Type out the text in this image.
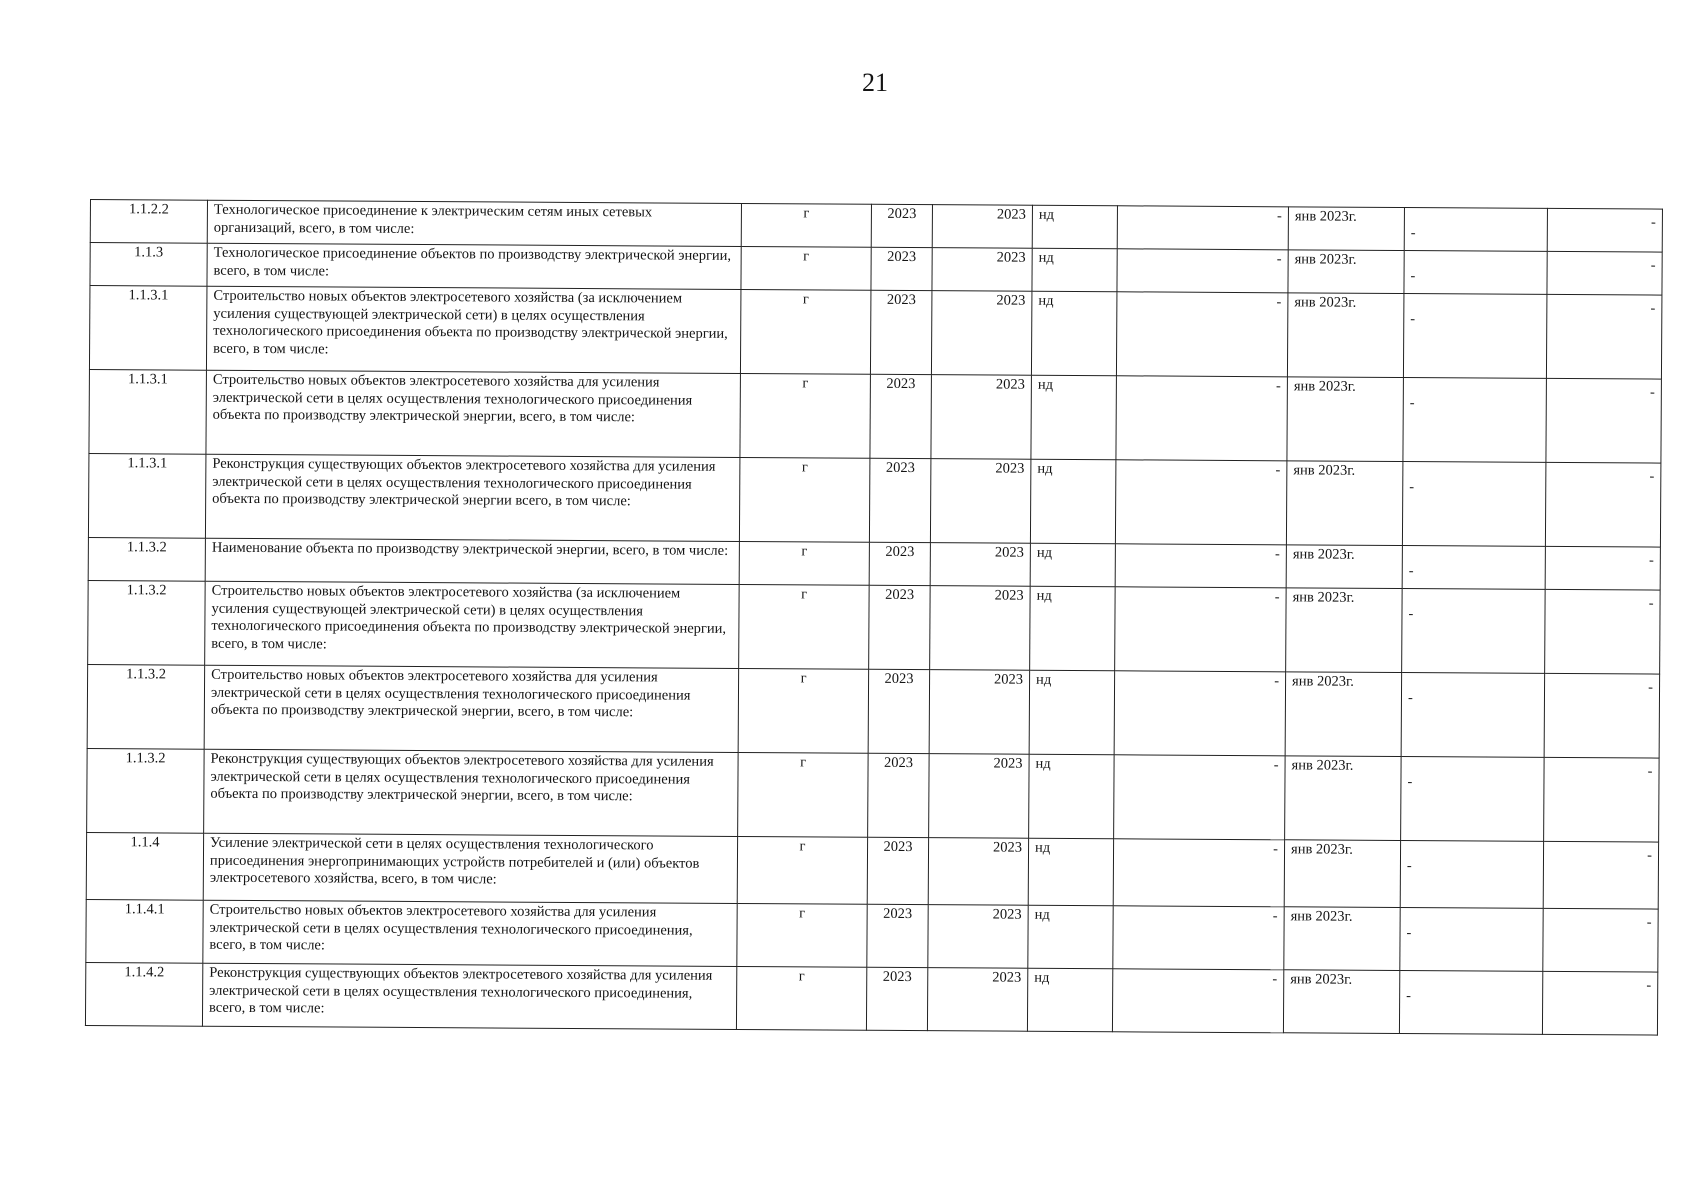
21
1.1.2.2	Технологическое присоединение к электрическим сетям иных сетевых организаций, всего, в том числе:	г	2023	2023	нд	-	янв 2023г.	-	-
1.1.3	Технологическое присоединение объектов по производству электрической энергии, всего, в том числе:	г	2023	2023	нд	-	янв 2023г.	-	-
1.1.3.1	Строительство новых объектов электросетевого хозяйства (за исключением усиления существующей электрической сети) в целях осуществления технологического присоединения объекта по производству электрической энергии, всего, в том числе:	г	2023	2023	нд	-	янв 2023г.	-	-
1.1.3.1	Строительство новых объектов электросетевого хозяйства для усиления электрической сети в целях осуществления технологического присоединения объекта по производству электрической энергии, всего, в том числе:	г	2023	2023	нд	-	янв 2023г.	-	-
1.1.3.1	Реконструкция существующих объектов электросетевого хозяйства для усиления электрической сети в целях осуществления технологического присоединения объекта по производству электрической энергии всего, в том числе:	г	2023	2023	нд	-	янв 2023г.	-	-
1.1.3.2	Наименование объекта по производству электрической энергии, всего, в том числе:	г	2023	2023	нд	-	янв 2023г.	-	-
1.1.3.2	Строительство новых объектов электросетевого хозяйства (за исключением усиления существующей электрической сети) в целях осуществления технологического присоединения объекта по производству электрической энергии, всего, в том числе:	г	2023	2023	нд	-	янв 2023г.	-	-
1.1.3.2	Строительство новых объектов электросетевого хозяйства для усиления электрической сети в целях осуществления технологического присоединения объекта по производству электрической энергии, всего, в том числе:	г	2023	2023	нд	-	янв 2023г.	-	-
1.1.3.2	Реконструкция существующих объектов электросетевого хозяйства для усиления электрической сети в целях осуществления технологического присоединения объекта по производству электрической энергии, всего, в том числе:	г	2023	2023	нд	-	янв 2023г.	-	-
1.1.4	Усиление электрической сети в целях осуществления технологического присоединения энергопринимающих устройств потребителей и (или) объектов электросетевого хозяйства, всего, в том числе:	г	2023	2023	нд	-	янв 2023г.	-	-
1.1.4.1	Строительство новых объектов электросетевого хозяйства для усиления электрической сети в целях осуществления технологического присоединения, всего, в том числе:	г	2023	2023	нд	-	янв 2023г.	-	-
1.1.4.2	Реконструкция существующих объектов электросетевого хозяйства для усиления электрической сети в целях осуществления технологического присоединения, всего, в том числе:	г	2023	2023	нд	-	янв 2023г.	-	-
